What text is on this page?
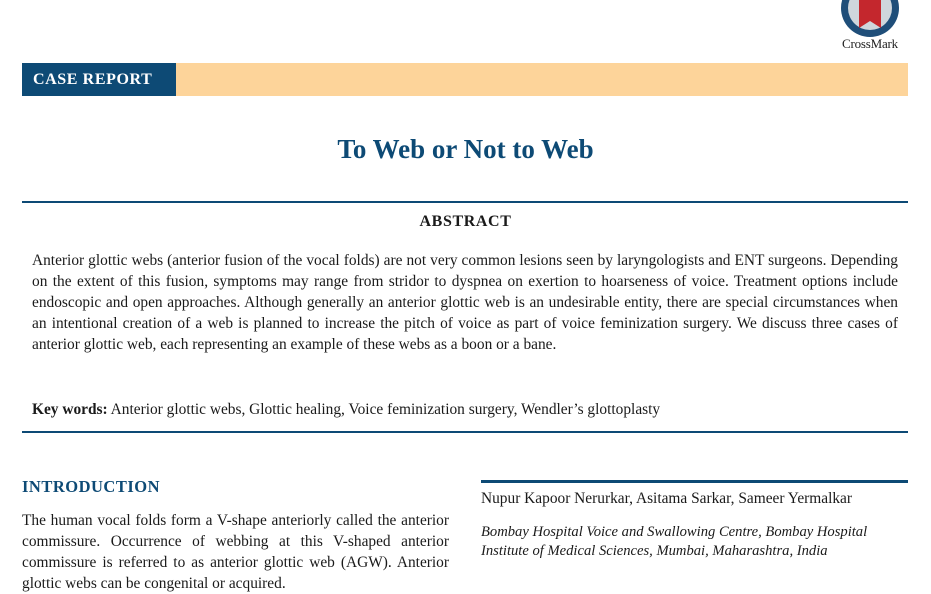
CrossMark
CASE REPORT
To Web or Not to Web
ABSTRACT
Anterior glottic webs (anterior fusion of the vocal folds) are not very common lesions seen by laryngologists and ENT surgeons. Depending on the extent of this fusion, symptoms may range from stridor to dyspnea on exertion to hoarseness of voice. Treatment options include endoscopic and open approaches. Although generally an anterior glottic web is an undesirable entity, there are special circumstances when an intentional creation of a web is planned to increase the pitch of voice as part of voice feminization surgery. We discuss three cases of anterior glottic web, each representing an example of these webs as a boon or a bane.
Key words: Anterior glottic webs, Glottic healing, Voice feminization surgery, Wendler’s glottoplasty
INTRODUCTION
The human vocal folds form a V-shape anteriorly called the anterior commissure. Occurrence of webbing at this V-shaped anterior commissure is referred to as anterior glottic web (AGW). Anterior glottic webs can be congenital or acquired.
Nupur Kapoor Nerurkar, Asitama Sarkar, Sameer Yermalkar
Bombay Hospital Voice and Swallowing Centre, Bombay Hospital Institute of Medical Sciences, Mumbai, Maharashtra, India
